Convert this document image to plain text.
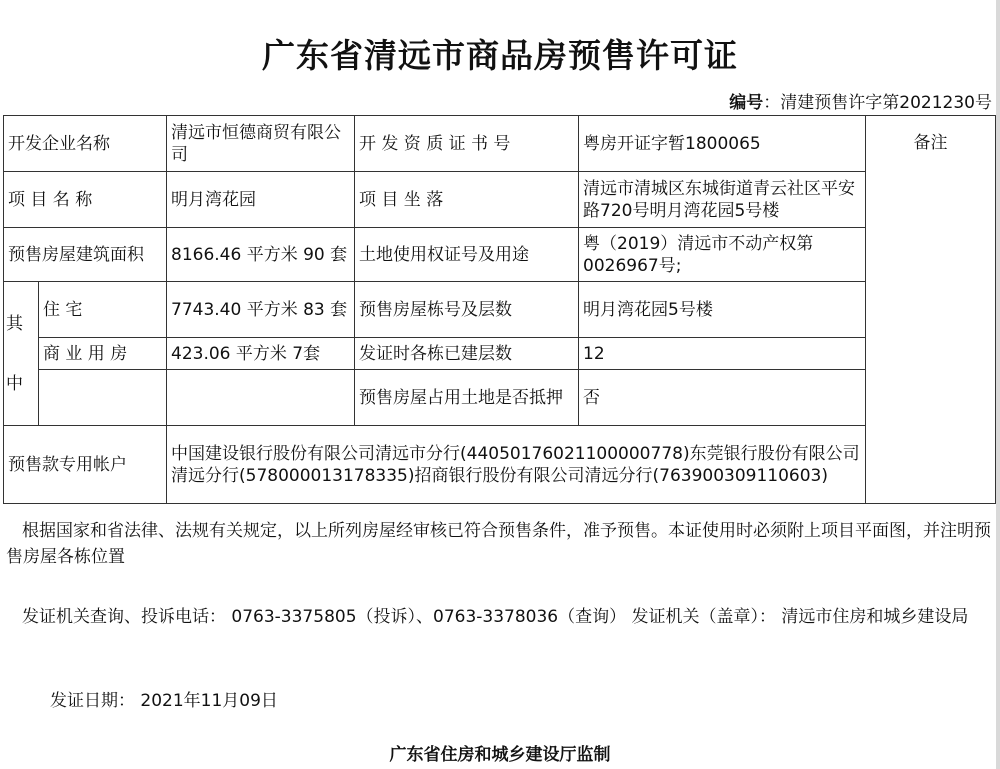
广东省清远市商品房预售许可证
编号：清建预售许字第2021230号
开发企业名称		清远市恒德商贸有限公司	开 发 资 质 证 书 号	粤房开证字暂1800065	备注
项 目 名 称		明月湾花园	项 目 坐 落	清远市清城区东城街道青云社区平安路720号明月湾花园5号楼	
预售房屋建筑面积		8166.46 平方米 90 套	土地使用权证号及用途	粤（2019）清远市不动产权第0026967号;	
其中	住 宅	7743.40 平方米 83 套	预售房屋栋号及层数	明月湾花园5号楼	
	商 业 用 房	423.06 平方米 7套	发证时各栋已建层数	12	
			预售房屋占用土地是否抵押	否	
预售款专用帐户		中国建设银行股份有限公司清远市分行(440501760211000007​78)东莞银行股份有限公司清远分行(578000013178335)招商银行股份有限公司清远分行(763900309110603)			
根据国家和省法律、法规有关规定，以上所列房屋经审核已符合预售条件，准予预售。本证使用时必须附上项目平面图，并注明预售房屋各栋位置
发证机关查询、投诉电话： 0763-3375805（投诉）、0763-3378036（查询） 发证机关（盖章）： 清远市住房和城乡建设局
发证日期： 2021年11月09日
广东省住房和城乡建设厅监制
